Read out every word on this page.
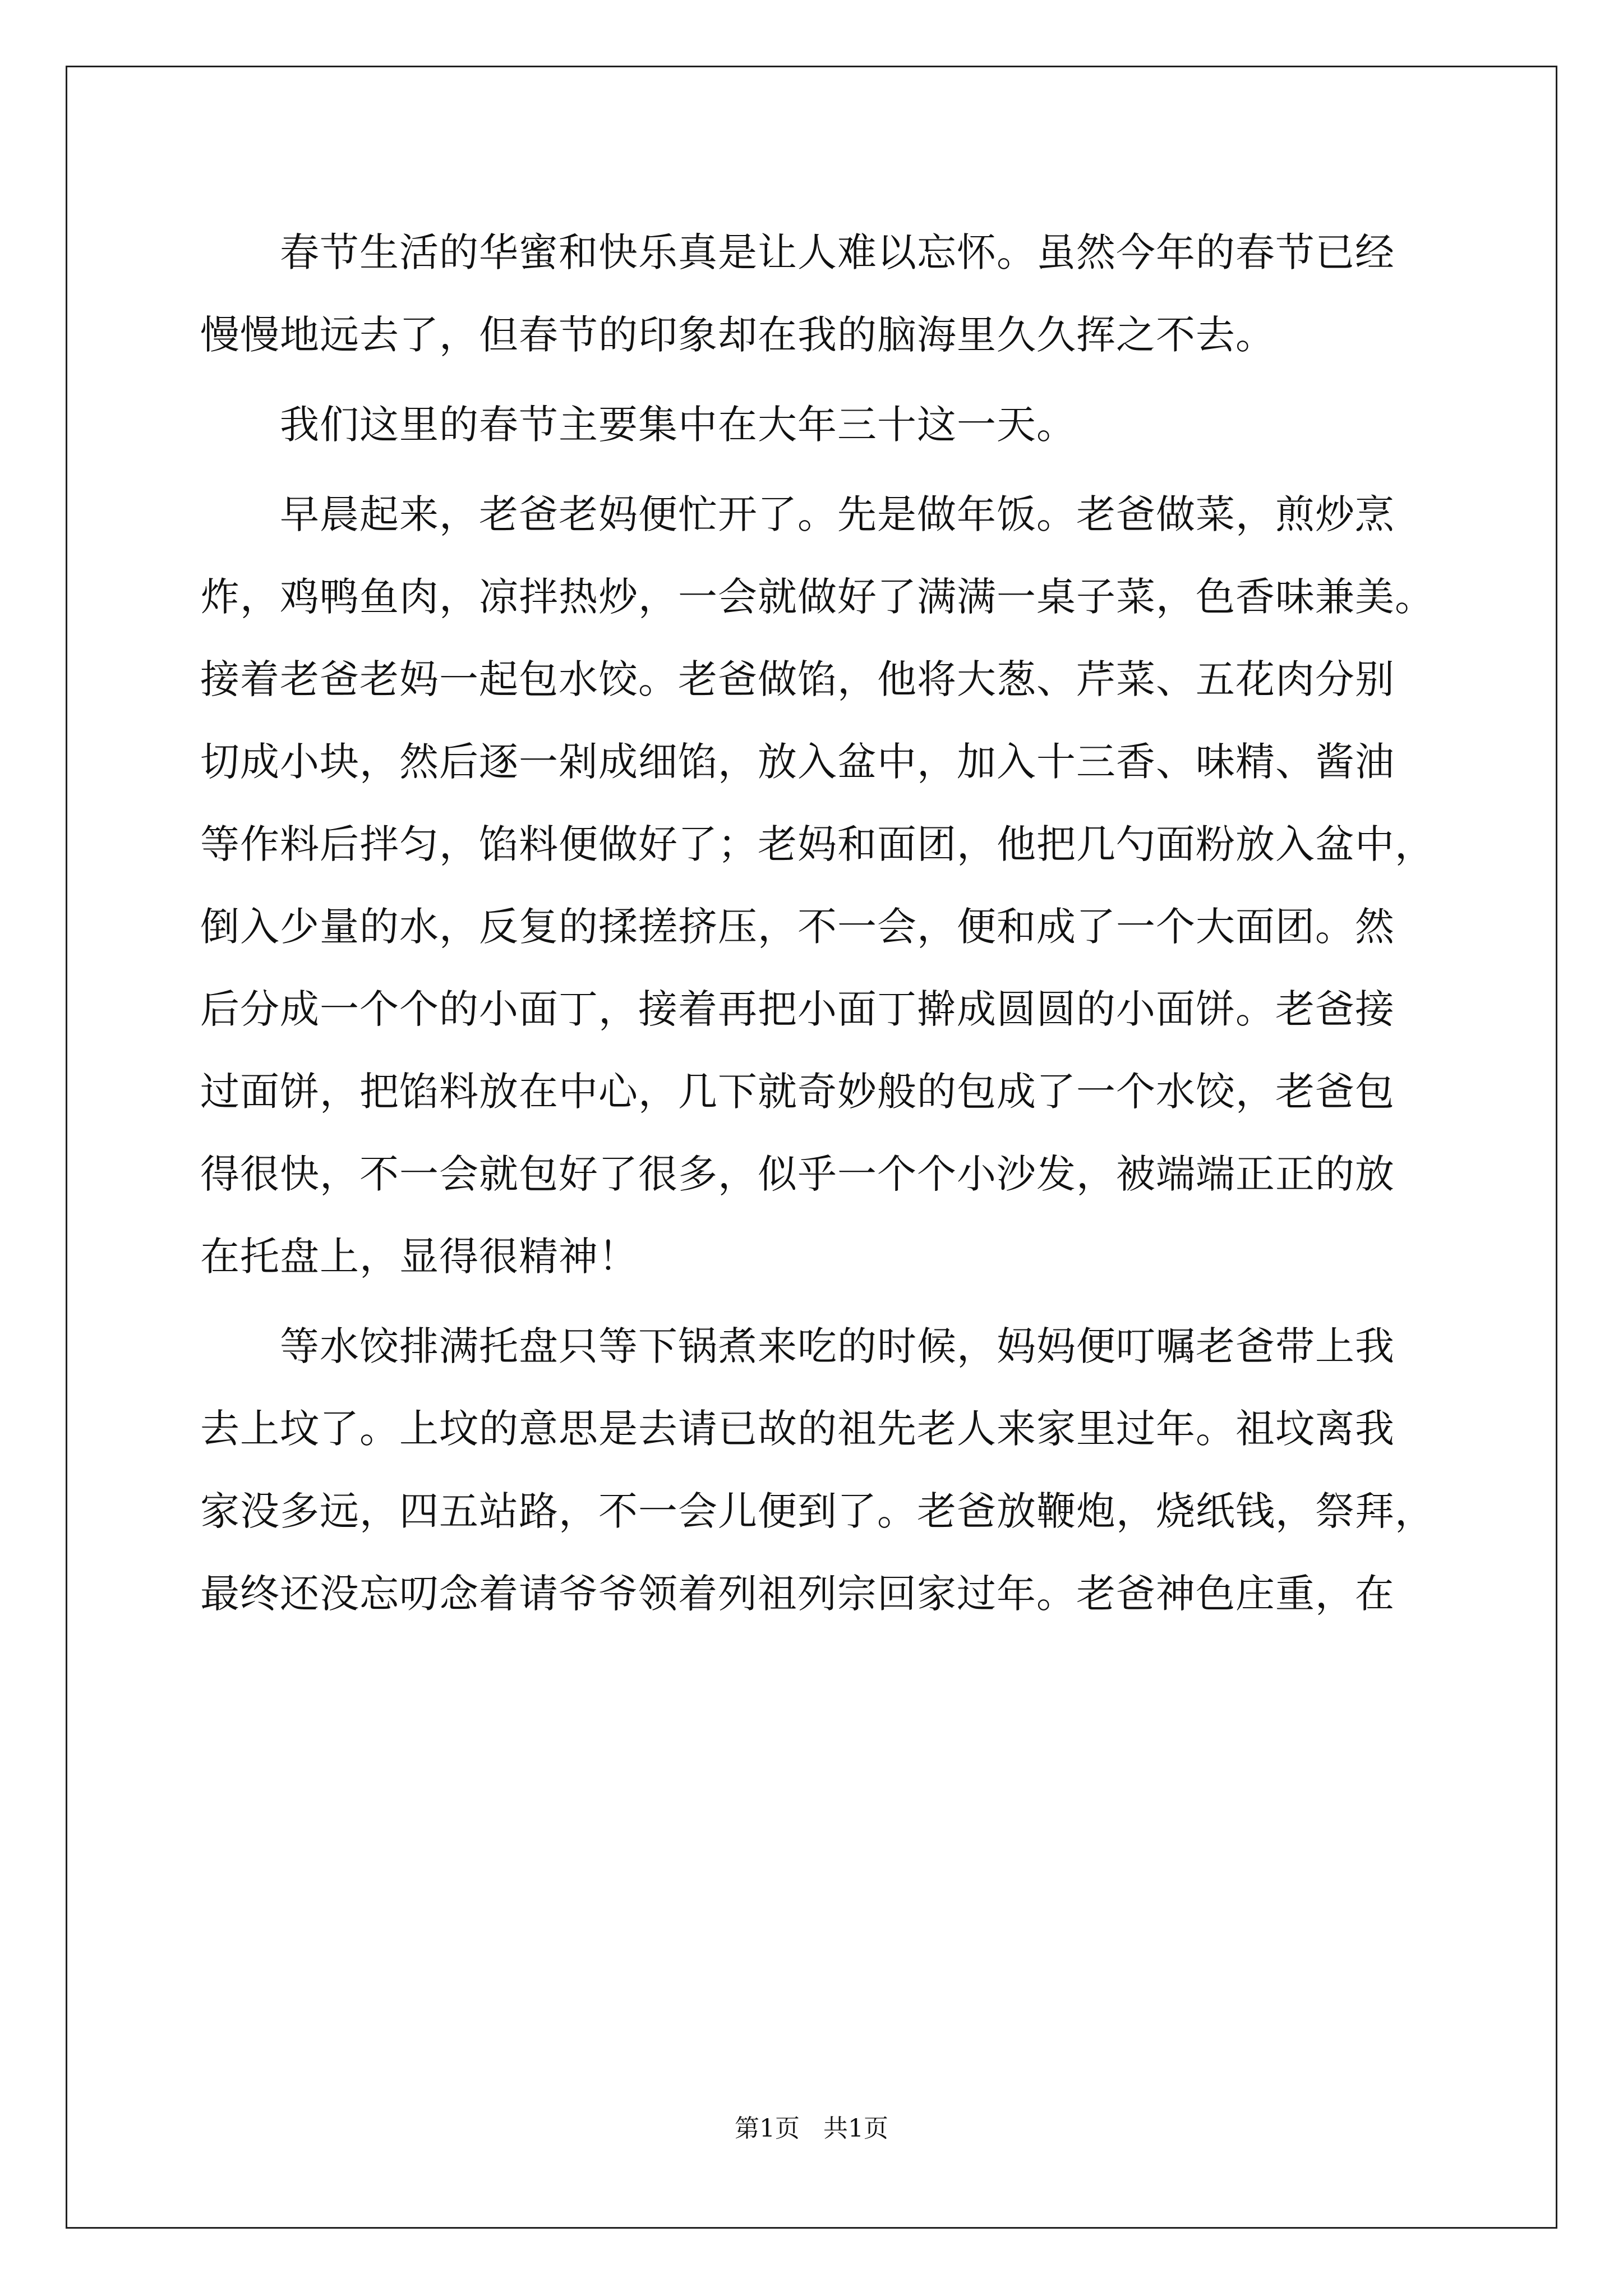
　　春节生活的华蜜和快乐真是让人难以忘怀。虽然今年的春节已经
慢慢地远去了，但春节的印象却在我的脑海里久久挥之不去。
　　我们这里的春节主要集中在大年三十这一天。
　　早晨起来，老爸老妈便忙开了。先是做年饭。老爸做菜，煎炒烹
炸，鸡鸭鱼肉，凉拌热炒，一会就做好了满满一桌子菜，色香味兼美。
接着老爸老妈一起包水饺。老爸做馅，他将大葱、芹菜、五花肉分别
切成小块，然后逐一剁成细馅，放入盆中，加入十三香、味精、酱油
等作料后拌匀，馅料便做好了；老妈和面团，他把几勺面粉放入盆中，
倒入少量的水，反复的揉搓挤压，不一会，便和成了一个大面团。然
后分成一个个的小面丁，接着再把小面丁擀成圆圆的小面饼。老爸接
过面饼，把馅料放在中心，几下就奇妙般的包成了一个水饺，老爸包
得很快，不一会就包好了很多，似乎一个个小沙发，被端端正正的放
在托盘上，显得很精神！
　　等水饺排满托盘只等下锅煮来吃的时候，妈妈便叮嘱老爸带上我
去上坟了。上坟的意思是去请已故的祖先老人来家里过年。祖坟离我
家没多远，四五站路，不一会儿便到了。老爸放鞭炮，烧纸钱，祭拜，
最终还没忘叨念着请爷爷领着列祖列宗回家过年。老爸神色庄重，在
第1页 共1页
